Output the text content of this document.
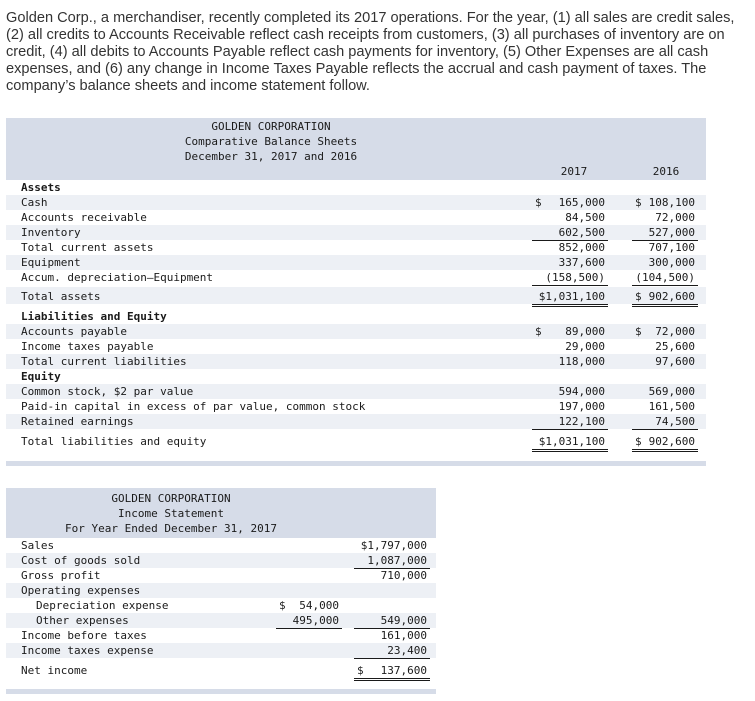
Golden Corp., a merchandiser, recently completed its 2017 operations. For the year, (1) all sales are credit sales, (2) all credits to Accounts Receivable reflect cash receipts from customers, (3) all purchases of inventory are on credit, (4) all debits to Accounts Payable reflect cash payments for inventory, (5) Other Expenses are all cash expenses, and (6) any change in Income Taxes Payable reflects the accrual and cash payment of taxes. The company’s balance sheets and income statement follow.
GOLDEN CORPORATION
Comparative Balance Sheets
December 31, 2017 and 2016
2017	2016
Assets
Cash	$ 165,000	$ 108,100
Accounts receivable	84,500	72,000
Inventory	602,500	527,000
Total current assets	852,000	707,100
Equipment	337,600	300,000
Accum. depreciation—Equipment	(158,500)	(104,500)
Total assets	$1,031,100	$ 902,600
Liabilities and Equity
Accounts payable	$ 89,000	$ 72,000
Income taxes payable	29,000	25,600
Total current liabilities	118,000	97,600
Equity
Common stock, $2 par value	594,000	569,000
Paid-in capital in excess of par value, common stock	197,000	161,500
Retained earnings	122,100	74,500
Total liabilities and equity	$1,031,100	$ 902,600
GOLDEN CORPORATION
Income Statement
For Year Ended December 31, 2017
Sales	$1,797,000
Cost of goods sold	1,087,000
Gross profit	710,000
Operating expenses
Depreciation expense	$ 54,000
Other expenses	495,000	549,000
Income before taxes	161,000
Income taxes expense	23,400
Net income	$ 137,600
